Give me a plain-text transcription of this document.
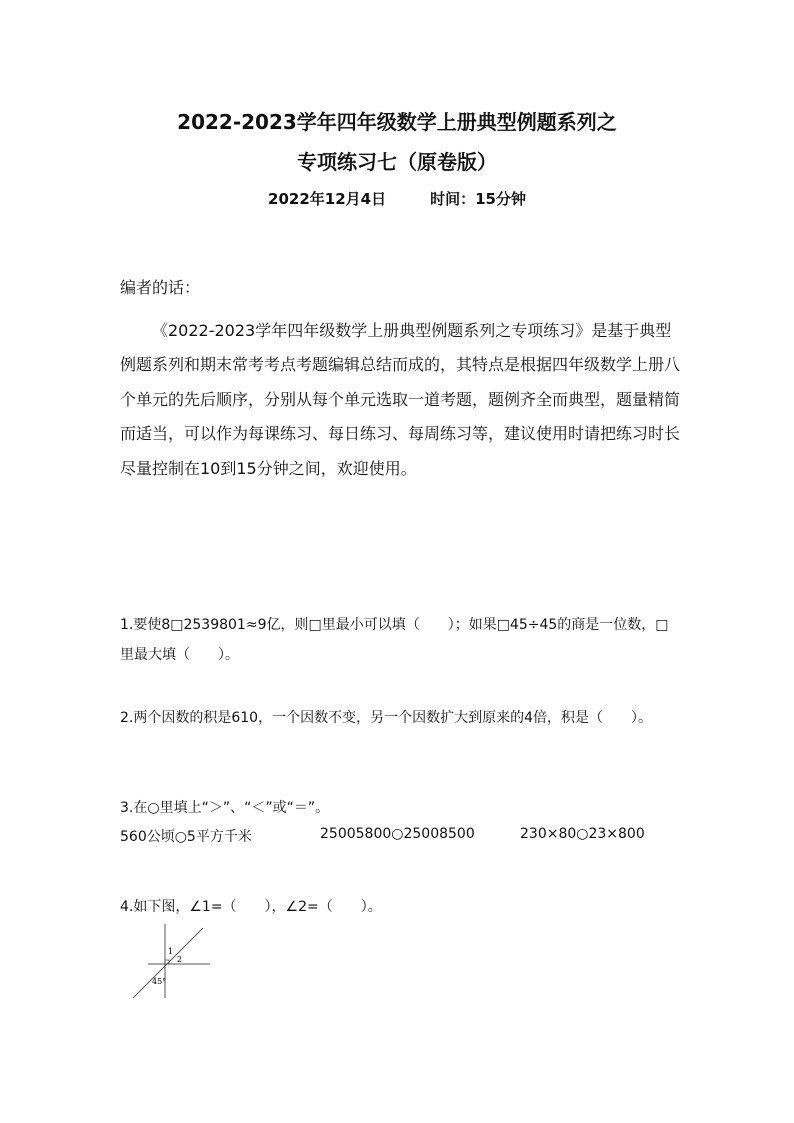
2022-2023学年四年级数学上册典型例题系列之
专项练习七（原卷版）
2022年12月4日	时间：15分钟
编者的话：

《2022-2023学年四年级数学上册典型例题系列之专项练习》是基于典型例题系列和期末常考考点考题编辑总结而成的，其特点是根据四年级数学上册八个单元的先后顺序，分别从每个单元选取一道考题，题例齐全而典型，题量精简而适当，可以作为每课练习、每日练习、每周练习等，建议使用时请把练习时长尽量控制在10到15分钟之间，欢迎使用。

1.要使8□2539801≈9亿，则□里最小可以填（　　）；如果□45÷45的商是一位数，□里最大填（　　）。

2.两个因数的积是610，一个因数不变，另一个因数扩大到原来的4倍，积是（　　）。

3.在○里填上“＞”、“＜”或“＝”。

560公顷○5平方千米	25005800○25008500	230×80○23×800

4.如下图，∠1=（　　），∠2=（　　）。

1
2
45°
